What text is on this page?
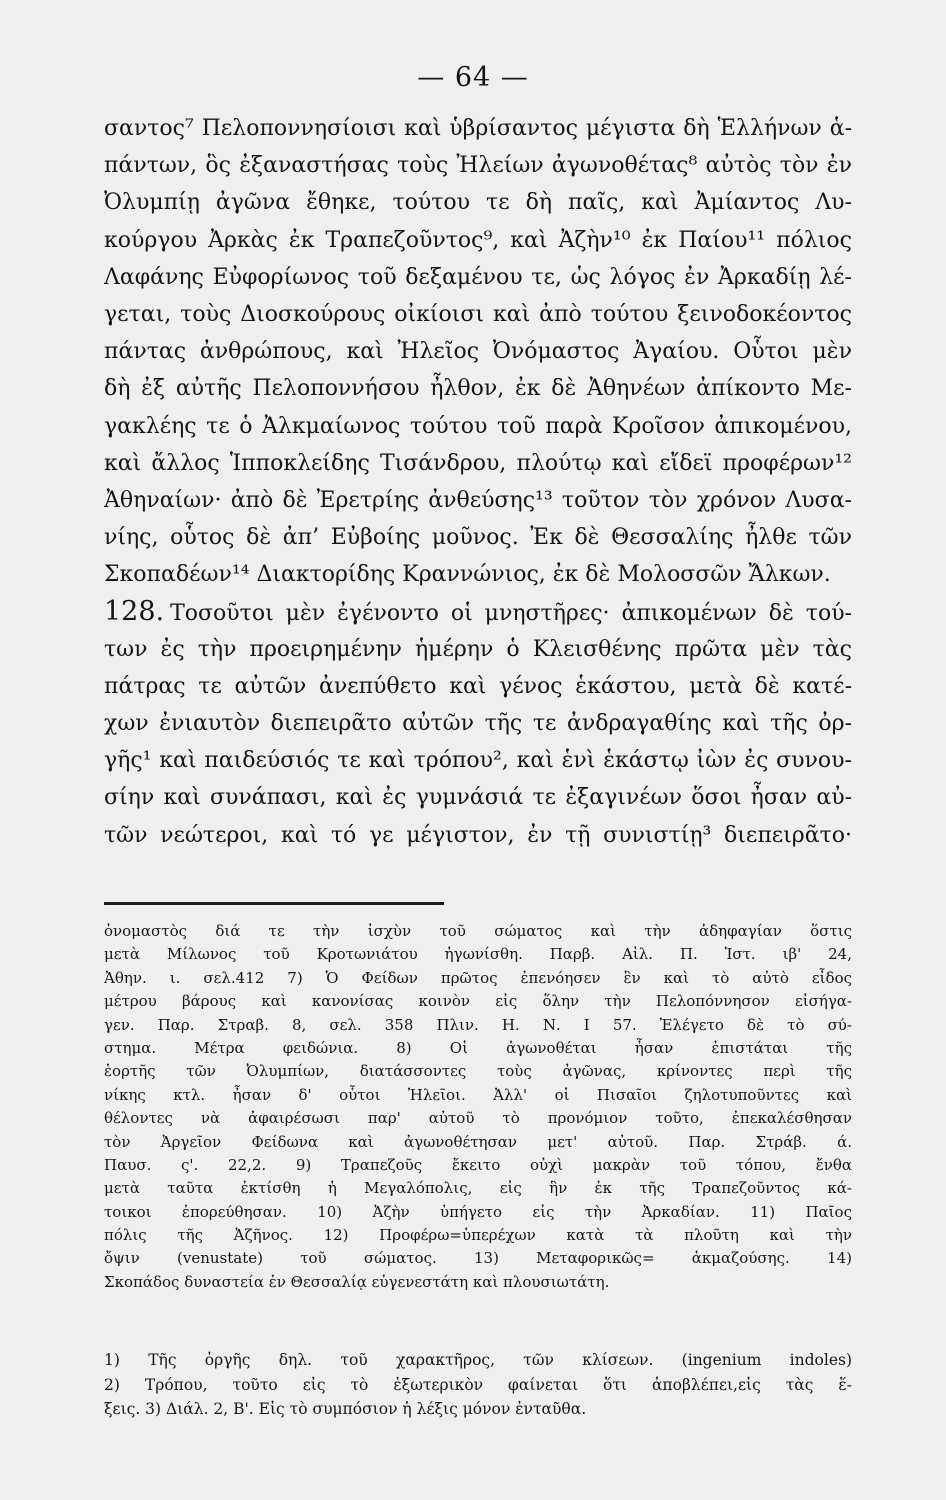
— 64 —
σαντος⁷ Πελοποννησίοισι καὶ ὑβρίσαντος μέγιστα δὴ Ἑλλήνων ἁ-
πάντων, ὃς ἐξαναστήσας τοὺς Ἠλείων ἀγωνοθέτας⁸ αὐτὸς τὸν ἐν
Ὀλυμπίῃ ἀγῶνα ἔθηκε, τούτου τε δὴ παῖς, καὶ Ἀμίαντος Λυ-
κούργου Ἀρκὰς ἐκ Τραπεζοῦντος⁹, καὶ Ἀζὴν¹⁰ ἐκ Παίου¹¹ πόλιος
Λαφάνης Εὐφορίωνος τοῦ δεξαμένου τε, ὡς λόγος ἐν Ἀρκαδίῃ λέ-
γεται, τοὺς Διοσκούρους οἰκίοισι καὶ ἀπὸ τούτου ξεινοδοκέοντος
πάντας ἀνθρώπους, καὶ Ἠλεῖος Ὀνόμαστος Ἀγαίου. Οὗτοι μὲν
δὴ ἐξ αὐτῆς Πελοποννήσου ἦλθον, ἐκ δὲ Ἀθηνέων ἀπίκοντο Με-
γακλέης τε ὁ Ἀλκμαίωνος τούτου τοῦ παρὰ Κροῖσον ἀπικομένου,
καὶ ἄλλος Ἱπποκλείδης Τισάνδρου, πλούτῳ καὶ εἴδεϊ προφέρων¹²
Ἀθηναίων· ἀπὸ δὲ Ἐρετρίης ἀνθεύσης¹³ τοῦτον τὸν χρόνον Λυσα-
νίης, οὗτος δὲ ἀπ’ Εὐβοίης μοῦνος. Ἐκ δὲ Θεσσαλίης ἦλθε τῶν
Σκοπαδέων¹⁴ Διακτορίδης Κραννώνιος, ἐκ δὲ Μολοσσῶν Ἄλκων.
128. Τοσοῦτοι μὲν ἐγένοντο οἱ μνηστῆρες· ἀπικομένων δὲ τού-
των ἐς τὴν προειρημένην ἡμέρην ὁ Κλεισθένης πρῶτα μὲν τὰς
πάτρας τε αὐτῶν ἀνεπύθετο καὶ γένος ἑκάστου, μετὰ δὲ κατέ-
χων ἐνιαυτὸν διεπειρᾶτο αὐτῶν τῆς τε ἀνδραγαθίης καὶ τῆς ὀρ-
γῆς¹ καὶ παιδεύσιός τε καὶ τρόπου², καὶ ἑνὶ ἑκάστῳ ἰὼν ἐς συνου-
σίην καὶ συνάπασι, καὶ ἐς γυμνάσιά τε ἐξαγινέων ὅσοι ἦσαν αὐ-
τῶν νεώτεροι, καὶ τό γε μέγιστον, ἐν τῇ συνιστίῃ³ διεπειρᾶτο·
ὀνομαστὸς διά τε τὴν ἰσχὺν τοῦ σώματος καὶ τὴν ἀδηφαγίαν ὅστις
μετὰ Μίλωνος τοῦ Κροτωνιάτου ἠγωνίσθη. Παρβ. Αἰλ. Π. Ἱστ. ιβ' 24,
Ἀθην. ι. σελ.412 7) Ὁ Φείδων πρῶτος ἐπενόησεν ἓν καὶ τὸ αὐτὸ εἶδος
μέτρου βάρους καὶ κανονίσας κοινὸν εἰς ὅλην τὴν Πελοπόννησον εἰσήγα-
γεν. Παρ. Στραβ. 8, σελ. 358 Πλιν. Η. Ν. Ι 57. Ἐλέγετο δὲ τὸ σύ-
στημα. Μέτρα φειδώνια. 8) Οἱ ἀγωνοθέται ἦσαν ἐπιστάται τῆς
ἑορτῆς τῶν Ὀλυμπίων, διατάσσοντες τοὺς ἀγῶνας, κρίνοντες περὶ τῆς
νίκης κτλ. ἦσαν δ' οὗτοι Ἠλεῖοι. Ἀλλ' οἱ Πισαῖοι ζηλοτυποῦντες καὶ
θέλοντες νὰ ἀφαιρέσωσι παρ' αὐτοῦ τὸ προνόμιον τοῦτο, ἐπεκαλέσθησαν
τὸν Ἀργεῖον Φείδωνα καὶ ἀγωνοθέτησαν μετ' αὐτοῦ. Παρ. Στράβ. ά.
Παυσ. ς'. 22,2. 9) Τραπεζοῦς ἔκειτο οὐχὶ μακρὰν τοῦ τόπου, ἔνθα
μετὰ ταῦτα ἐκτίσθη ἡ Μεγαλόπολις, εἰς ἣν ἐκ τῆς Τραπεζοῦντος κά-
τοικοι ἐπορεύθησαν. 10) Ἀζὴν ὑπήγετο εἰς τὴν Ἀρκαδίαν. 11) Παῖος
πόλις τῆς Ἀζῆνος. 12) Προφέρω=ὑπερέχων κατὰ τὰ πλοῦτη καὶ τὴν
ὄψιν (venustate) τοῦ σώματος. 13) Μεταφορικῶς= ἀκμαζούσης. 14)
Σκοπάδος δυναστεία ἐν Θεσσαλίᾳ εὐγενεστάτη καὶ πλουσιωτάτη.
1) Τῆς ὀργῆς δηλ. τοῦ χαρακτῆρος, τῶν κλίσεων. (ingenium indoles)
2) Τρόπου, τοῦτο εἰς τὸ ἐξωτερικὸν φαίνεται ὅτι ἀποβλέπει,εἰς τὰς ἕ-
ξεις. 3) Διάλ. 2, Β'. Εἰς τὸ συμπόσιον ἡ λέξις μόνον ἐνταῦθα.
